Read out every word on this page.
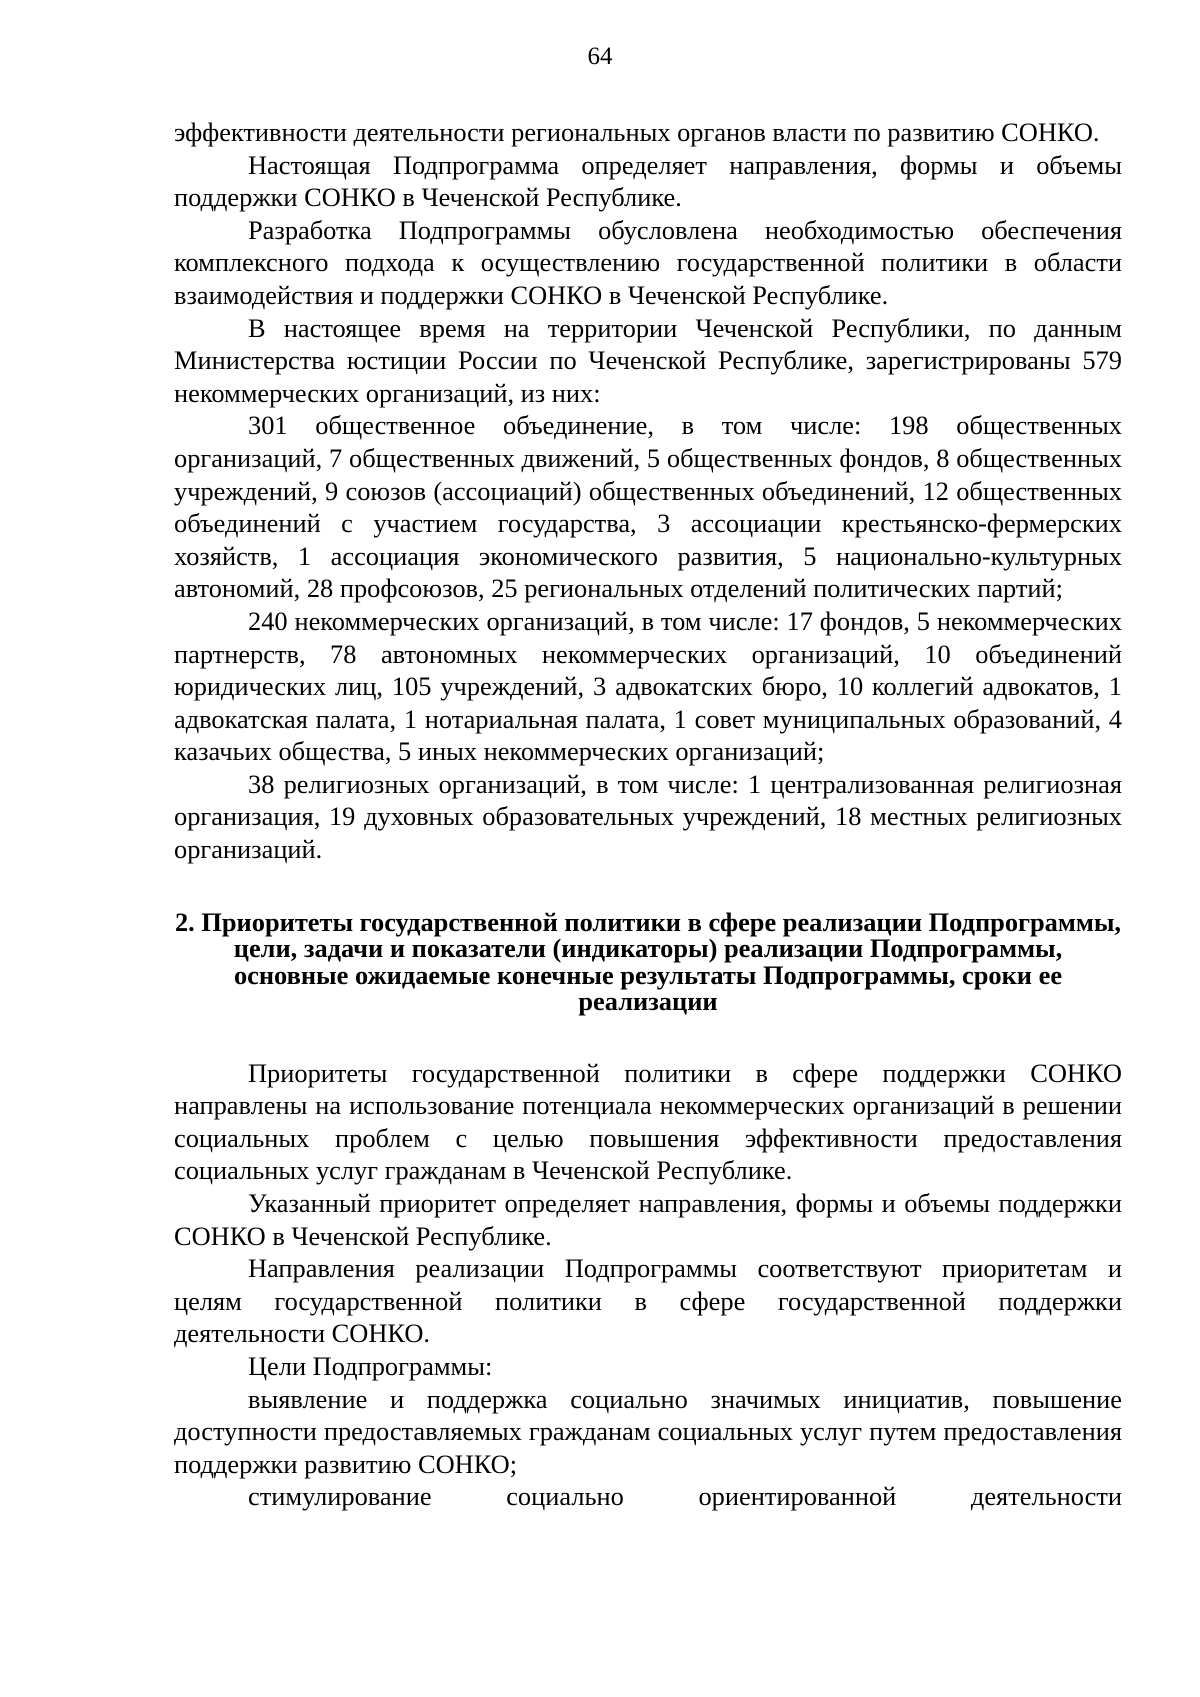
64

эффективности деятельности региональных органов власти по развитию СОНКО.

Настоящая Подпрограмма определяет направления, формы и объемы поддержки СОНКО в Чеченской Республике.

Разработка Подпрограммы обусловлена необходимостью обеспечения комплексного подхода к осуществлению государственной политики в области взаимодействия и поддержки СОНКО в Чеченской Республике.

В настоящее время на территории Чеченской Республики, по данным Министерства юстиции России по Чеченской Республике, зарегистрированы 579 некоммерческих организаций, из них:

301 общественное объединение, в том числе: 198 общественных организаций, 7 общественных движений, 5 общественных фондов, 8 общественных учреждений, 9 союзов (ассоциаций) общественных объединений, 12 общественных объединений с участием государства, 3 ассоциации крестьянско-фермерских хозяйств, 1 ассоциация экономического развития, 5 национально-культурных автономий, 28 профсоюзов, 25 региональных отделений политических партий;

240 некоммерческих организаций, в том числе: 17 фондов, 5 некоммерческих партнерств, 78 автономных некоммерческих организаций, 10 объединений юридических лиц, 105 учреждений, 3 адвокатских бюро, 10 коллегий адвокатов, 1 адвокатская палата, 1 нотариальная палата, 1 совет муниципальных образований, 4 казачьих общества, 5 иных некоммерческих организаций;

38 религиозных организаций, в том числе: 1 централизованная религиозная организация, 19 духовных образовательных учреждений, 18 местных религиозных организаций.

2. Приоритеты государственной политики в сфере реализации Подпрограммы, цели, задачи и показатели (индикаторы) реализации Подпрограммы, основные ожидаемые конечные результаты Подпрограммы, сроки ее реализации

Приоритеты государственной политики в сфере поддержки СОНКО направлены на использование потенциала некоммерческих организаций в решении социальных проблем с целью повышения эффективности предоставления социальных услуг гражданам в Чеченской Республике.

Указанный приоритет определяет направления, формы и объемы поддержки СОНКО в Чеченской Республике.

Направления реализации Подпрограммы соответствуют приоритетам и целям государственной политики в сфере государственной поддержки деятельности СОНКО.

Цели Подпрограммы:

выявление и поддержка социально значимых инициатив, повышение доступности предоставляемых гражданам социальных услуг путем предоставления поддержки развитию СОНКО;

стимулирование социально ориентированной деятельности
